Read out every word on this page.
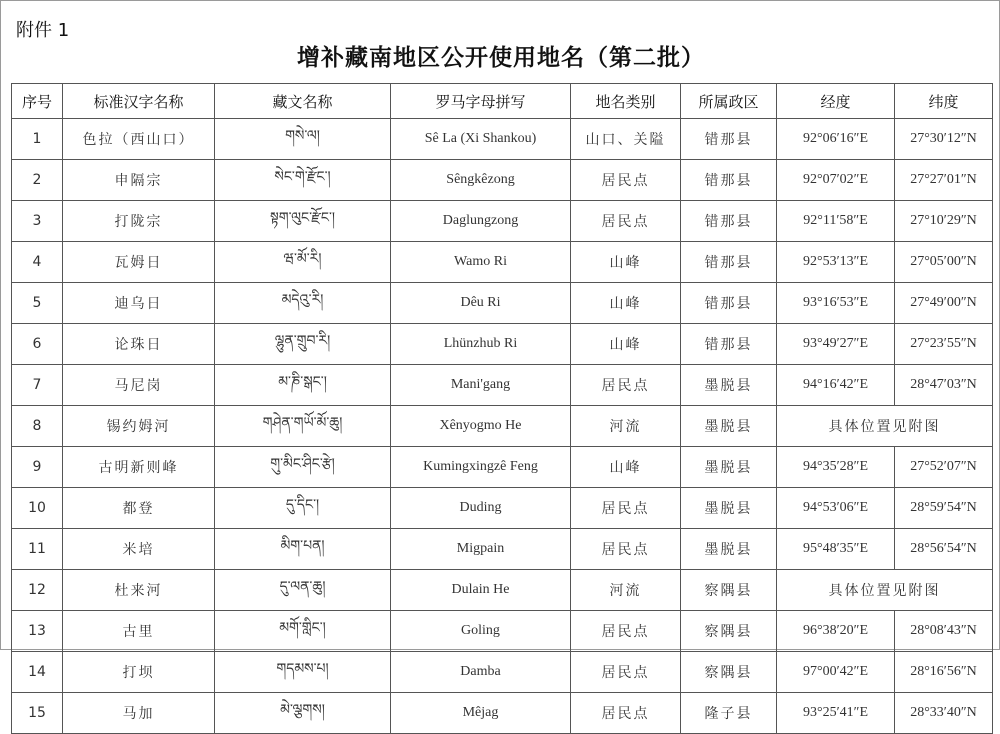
附件 1
增补藏南地区公开使用地名（第二批）
序号	标准汉字名称	藏文名称	罗马字母拼写	地名类别	所属政区	经度	纬度
1	色拉（西山口）	གསེ་ལ།	Sê La (Xi Shankou)	山口、关隘	错那县	92°06′16″E	27°30′12″N
2	申隔宗	སེང་གེ་རྫོང་།	Sêngkêzong	居民点	错那县	92°07′02″E	27°27′01″N
3	打陇宗	སྟག་ལུང་རྫོང་།	Daglungzong	居民点	错那县	92°11′58″E	27°10′29″N
4	瓦姆日	ཝ་མོ་རི།	Wamo Ri	山峰	错那县	92°53′13″E	27°05′00″N
5	迪乌日	མདེའུ་རི།	Dêu Ri	山峰	错那县	93°16′53″E	27°49′00″N
6	论珠日	ལྷུན་གྲུབ་རི།	Lhünzhub Ri	山峰	错那县	93°49′27″E	27°23′55″N
7	马尼岗	མ་ཎི་སྒང་།	Mani'gang	居民点	墨脱县	94°16′42″E	28°47′03″N
8	锡约姆河	གཤེན་གཡོ་མོ་ཆུ།	Xênyogmo He	河流	墨脱县	具体位置见附图	
9	古明新则峰	གུ་མིང་ཤིང་རྩེ།	Kumingxingzê Feng	山峰	墨脱县	94°35′28″E	27°52′07″N
10	都登	དུ་དིང་།	Duding	居民点	墨脱县	94°53′06″E	28°59′54″N
11	米培	མིག་པན།	Migpain	居民点	墨脱县	95°48′35″E	28°56′54″N
12	杜来河	དུ་ལན་ཆུ།	Dulain He	河流	察隅县	具体位置见附图	
13	古里	མགོ་གླིང་།	Goling	居民点	察隅县	96°38′20″E	28°08′43″N
14	打坝	གདམས་པ།	Damba	居民点	察隅县	97°00′42″E	28°16′56″N
15	马加	མེ་ལྕགས།	Mêjag	居民点	隆子县	93°25′41″E	28°33′40″N
